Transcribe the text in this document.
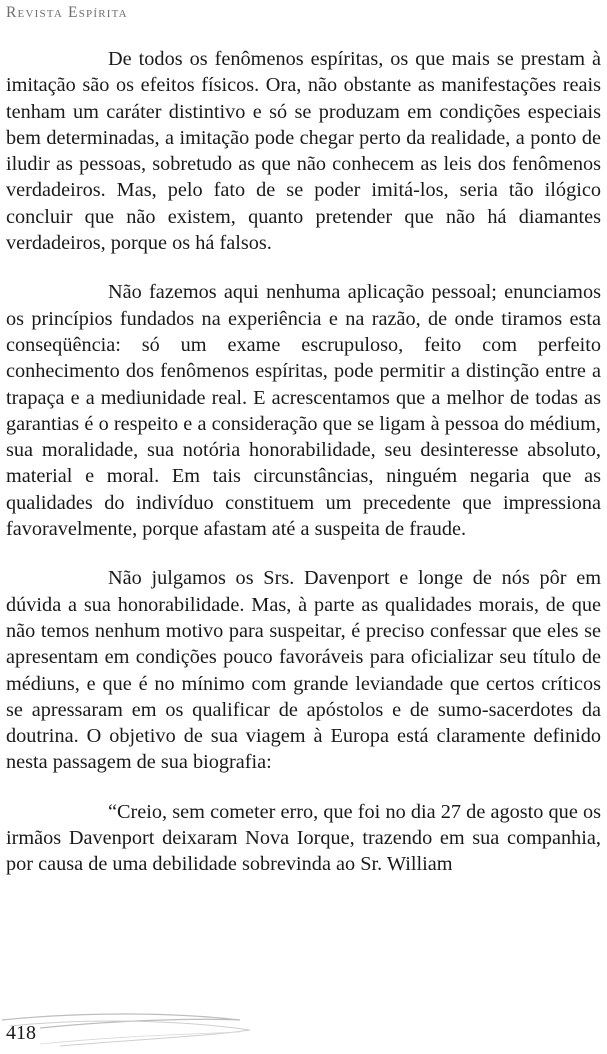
Revista Espírita

De todos os fenômenos espíritas, os que mais se prestam à imitação são os efeitos físicos. Ora, não obstante as manifestações reais tenham um caráter distintivo e só se produzam em condições especiais bem determinadas, a imitação pode chegar perto da realidade, a ponto de iludir as pessoas, sobretudo as que não conhecem as leis dos fenômenos verdadeiros. Mas, pelo fato de se poder imitá-los, seria tão ilógico concluir que não existem, quanto pretender que não há diamantes verdadeiros, porque os há falsos.

Não fazemos aqui nenhuma aplicação pessoal; enunciamos os princípios fundados na experiência e na razão, de onde tiramos esta conseqüência: só um exame escrupuloso, feito com perfeito conhecimento dos fenômenos espíritas, pode permitir a distinção entre a trapaça e a mediunidade real. E acrescentamos que a melhor de todas as garantias é o respeito e a consideração que se ligam à pessoa do médium, sua moralidade, sua notória honorabilidade, seu desinteresse absoluto, material e moral. Em tais circunstâncias, ninguém negaria que as qualidades do indivíduo constituem um precedente que impressiona favoravelmente, porque afastam até a suspeita de fraude.

Não julgamos os Srs. Davenport e longe de nós pôr em dúvida a sua honorabilidade. Mas, à parte as qualidades morais, de que não temos nenhum motivo para suspeitar, é preciso confessar que eles se apresentam em condições pouco favoráveis para oficializar seu título de médiuns, e que é no mínimo com grande leviandade que certos críticos se apressaram em os qualificar de apóstolos e de sumo-sacerdotes da doutrina. O objetivo de sua viagem à Europa está claramente definido nesta passagem de sua biografia:

“Creio, sem cometer erro, que foi no dia 27 de agosto que os irmãos Davenport deixaram Nova Iorque, trazendo em sua companhia, por causa de uma debilidade sobrevinda ao Sr. William

418
